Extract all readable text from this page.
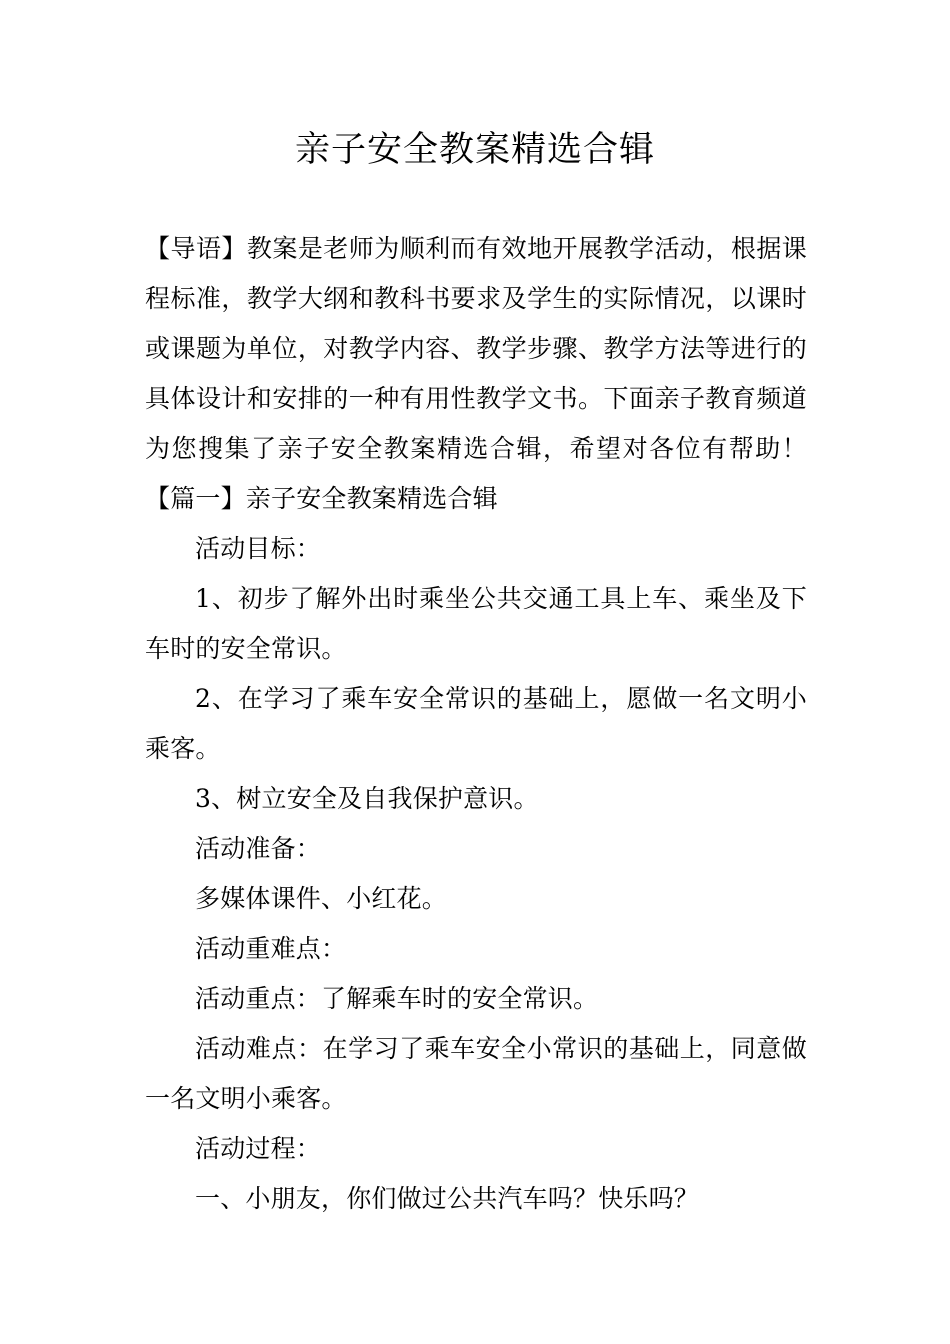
亲子安全教案精选合辑

【导语】教案是老师为顺利而有效地开展教学活动，根据课程标准，教学大纲和教科书要求及学生的实际情况，以课时或课题为单位，对教学内容、教学步骤、教学方法等进行的具体设计和安排的一种有用性教学文书。下面亲子教育频道为您搜集了亲子安全教案精选合辑，希望对各位有帮助！【篇一】亲子安全教案精选合辑

活动目标：

1、初步了解外出时乘坐公共交通工具上车、乘坐及下车时的安全常识。

2、在学习了乘车安全常识的基础上，愿做一名文明小乘客。

3、树立安全及自我保护意识。

活动准备：

多媒体课件、小红花。

活动重难点：

活动重点：了解乘车时的安全常识。

活动难点：在学习了乘车安全小常识的基础上，同意做一名文明小乘客。

活动过程：

一、小朋友，你们做过公共汽车吗？快乐吗？
